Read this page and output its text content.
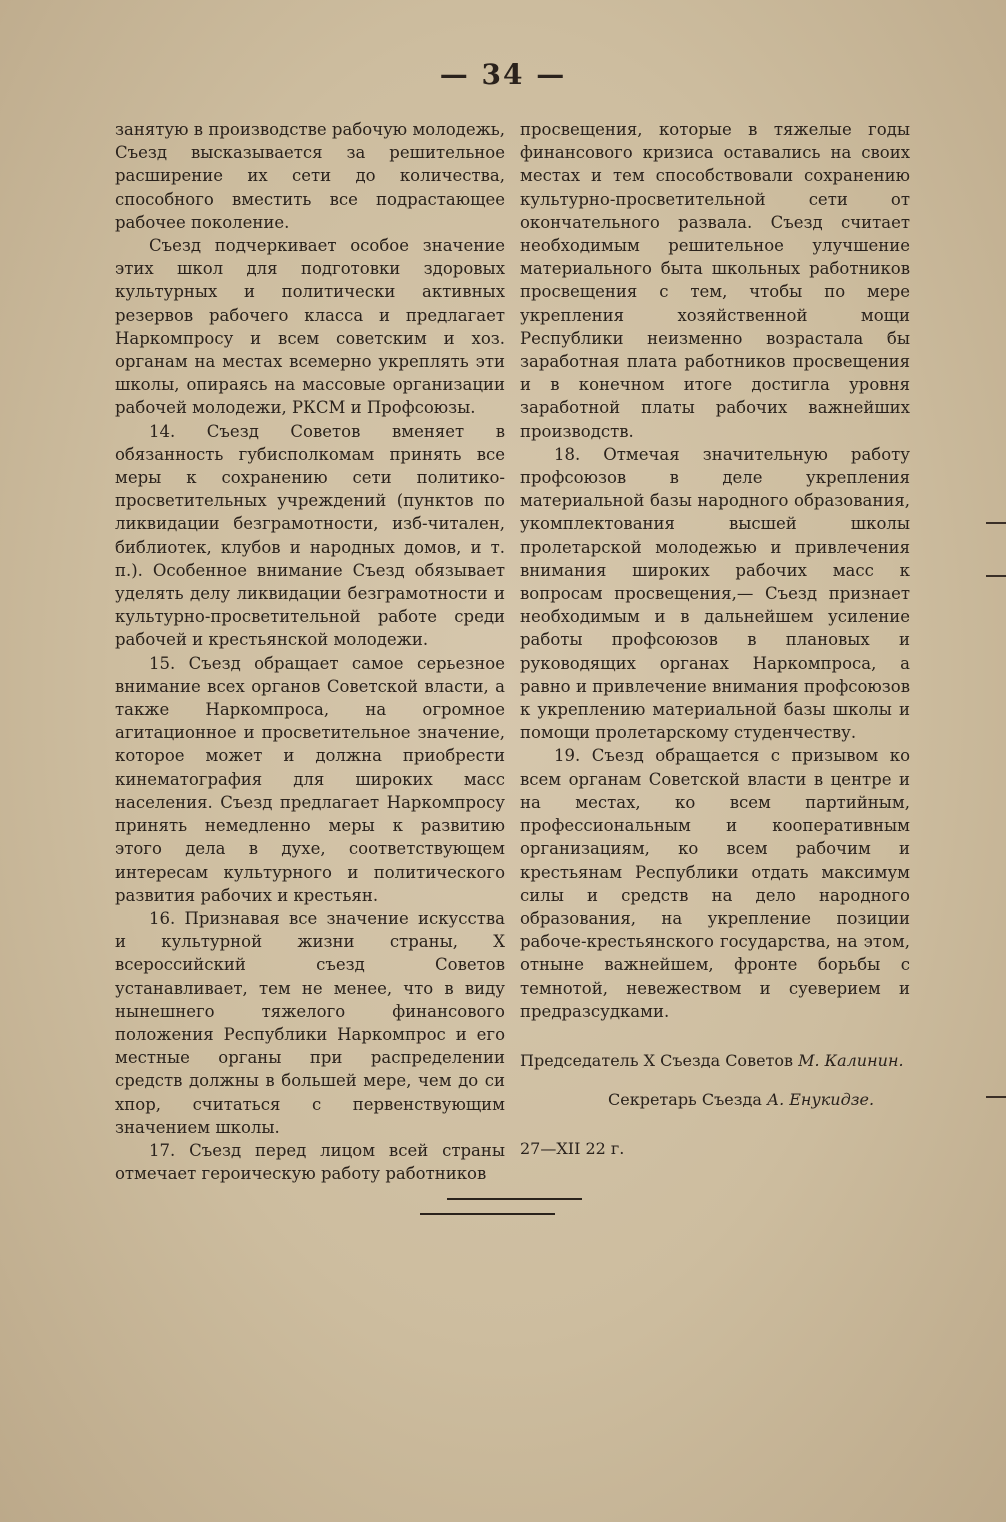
— 34 —

занятую в производстве рабочую молодежь, Съезд высказывается за решительное расширение их сети до количества, способного вместить все подрастающее рабочее поколение.

Съезд подчеркивает особое значение этих школ для подготовки здоровых культурных и политически активных резервов рабочего класса и предлагает Наркомпросу и всем советским и хоз. органам на местах всемерно укреплять эти школы, опираясь на массовые организации рабочей молодежи, РКСМ и Профсоюзы.

14. Съезд Советов вменяет в обязанность губисполкомам принять все меры к сохранению сети политико-просветительных учреждений (пунктов по ликвидации безграмотности, изб-читален, библиотек, клубов и народных домов, и т. п.). Особенное внимание Съезд обязывает уделять делу ликвидации безграмотности и культурно-просветительной работе среди рабочей и крестьянской молодежи.

15. Съезд обращает самое серьезное внимание всех органов Советской власти, а также Наркомпроса, на огромное агитационное и просветительное значение, которое может и должна приобрести кинематография для широких масс населения. Съезд предлагает Наркомпросу принять немедленно меры к развитию этого дела в духе, соответствующем интересам культурного и политического развития рабочих и крестьян.

16. Признавая все значение искусства и культурной жизни страны, X всероссийский съезд Советов устанавливает, тем не менее, что в виду нынешнего тяжелого финансового положения Республики Наркомпрос и его местные органы при распределении средств должны в большей мере, чем до си хпор, считаться с первенствующим значением школы.

17. Съезд перед лицом всей страны отмечает героическую работу работников

просвещения, которые в тяжелые годы финансового кризиса оставались на своих местах и тем способствовали сохранению культурно-просветительной сети от окончательного развала. Съезд считает необходимым решительное улучшение материального быта школьных работников просвещения с тем, чтобы по мере укрепления хозяйственной мощи Республики неизменно возрастала бы заработная плата работников просвещения и в конечном итоге достигла уровня заработной платы рабочих важнейших производств.

18. Отмечая значительную работу профсоюзов в деле укрепления материальной базы народного образования, укомплектования высшей школы пролетарской молодежью и привлечения внимания широких рабочих масс к вопросам просвещения,— Съезд признает необходимым и в дальнейшем усиление работы профсоюзов в плановых и руководящих органах Наркомпроса, а равно и привлечение внимания профсоюзов к укреплению материальной базы школы и помощи пролетарскому студенчеству.

19. Съезд обращается с призывом ко всем органам Советской власти в центре и на местах, ко всем партийным, профессиональным и кооперативным организациям, ко всем рабочим и крестьянам Республики отдать максимум силы и средств на дело народного образования, на укрепление позиции рабоче-крестьянского государства, на этом, отныне важнейшем, фронте борьбы с темнотой, невежеством и суеверием и предразсудками.

Председатель X Съезда Советов М. Калинин.
Секретарь Съезда А. Енукидзе.
27—XII 22 г.
